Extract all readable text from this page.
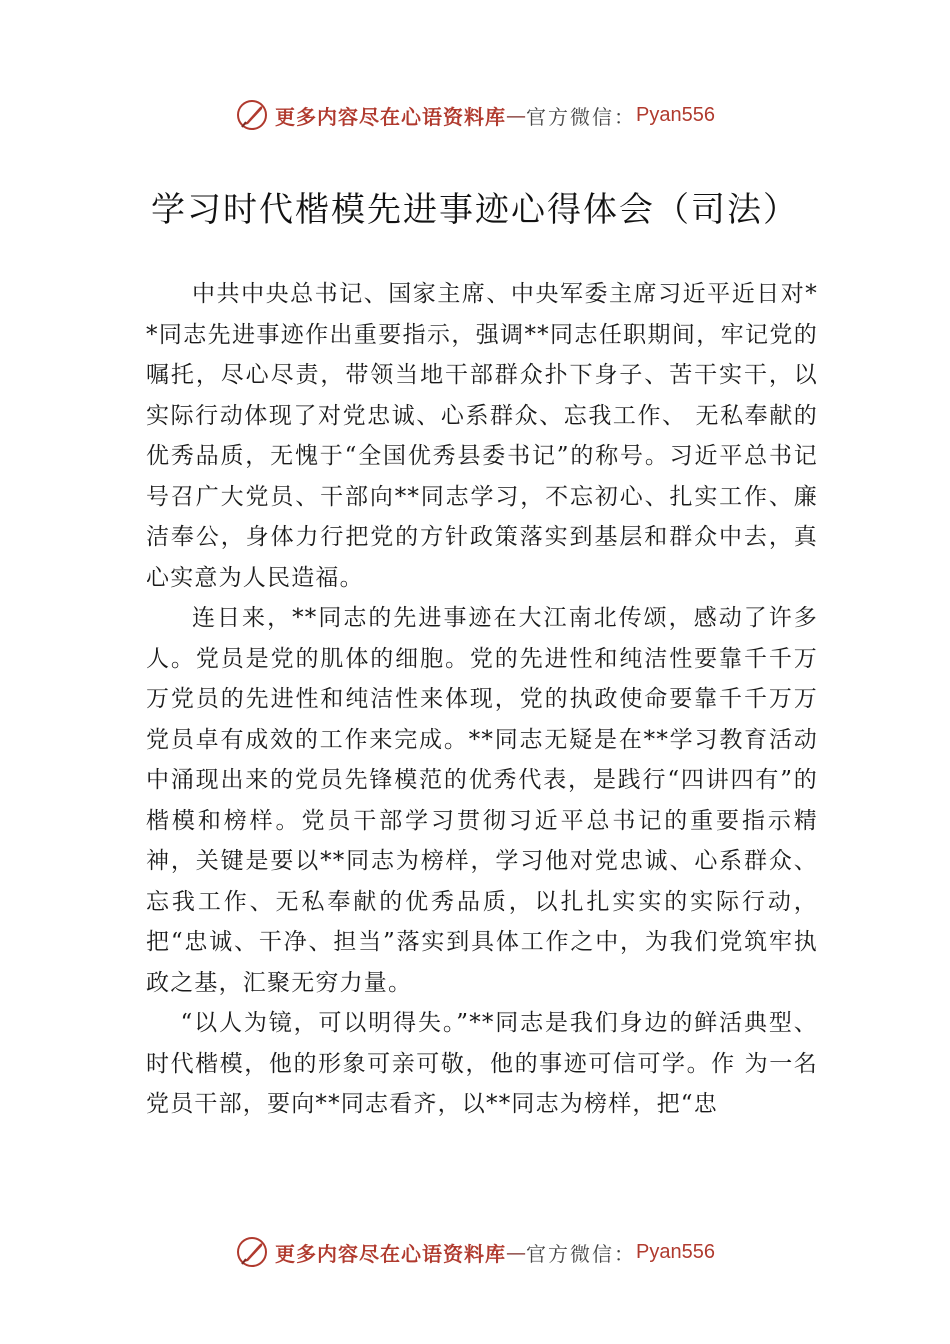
更多内容尽在心语资料库 — 官方微信： Pyan556
学习时代楷模先进事迹心得体会（司法）

中共中央总书记、国家主席、中央军委主席习近平近日对**同志先进事迹作出重要指示，强调**同志任职期间，牢记党的嘱托，尽心尽责，带领当地干部群众扑下身子、苦干实干，以实际行动体现了对党忠诚、心系群众、忘我工作、 无私奉献的优秀品质，无愧于“全国优秀县委书记”的称号。习近平总书记号召广大党员、干部向**同志学习，不忘初心、扎实工作、廉洁奉公，身体力行把党的方针政策落实到基层和群众中去，真心实意为人民造福。

连日来，**同志的先进事迹在大江南北传颂，感动了许多人。党员是党的肌体的细胞。党的先进性和纯洁性要靠千千万万党员的先进性和纯洁性来体现，党的执政使命要靠千千万万党员卓有成效的工作来完成。**同志无疑是在**学习教育活动中涌现出来的党员先锋模范的优秀代表，是践行“四讲四有”的楷模和榜样。党员干部学习贯彻习近平总书记的重要指示精神，关键是要以**同志为榜样，学习他对党忠诚、心系群众、忘我工作、无私奉献的优秀品质，以扎扎实实的实际行动，把“忠诚、干净、担当”落实到具体工作之中，为我们党筑牢执政之基，汇聚无穷力量。

“以人为镜，可以明得失。”**同志是我们身边的鲜活典型、时代楷模，他的形象可亲可敬，他的事迹可信可学。作 为一名党员干部，要向**同志看齐，以**同志为榜样，把“忠

更多内容尽在心语资料库 — 官方微信： Pyan556
